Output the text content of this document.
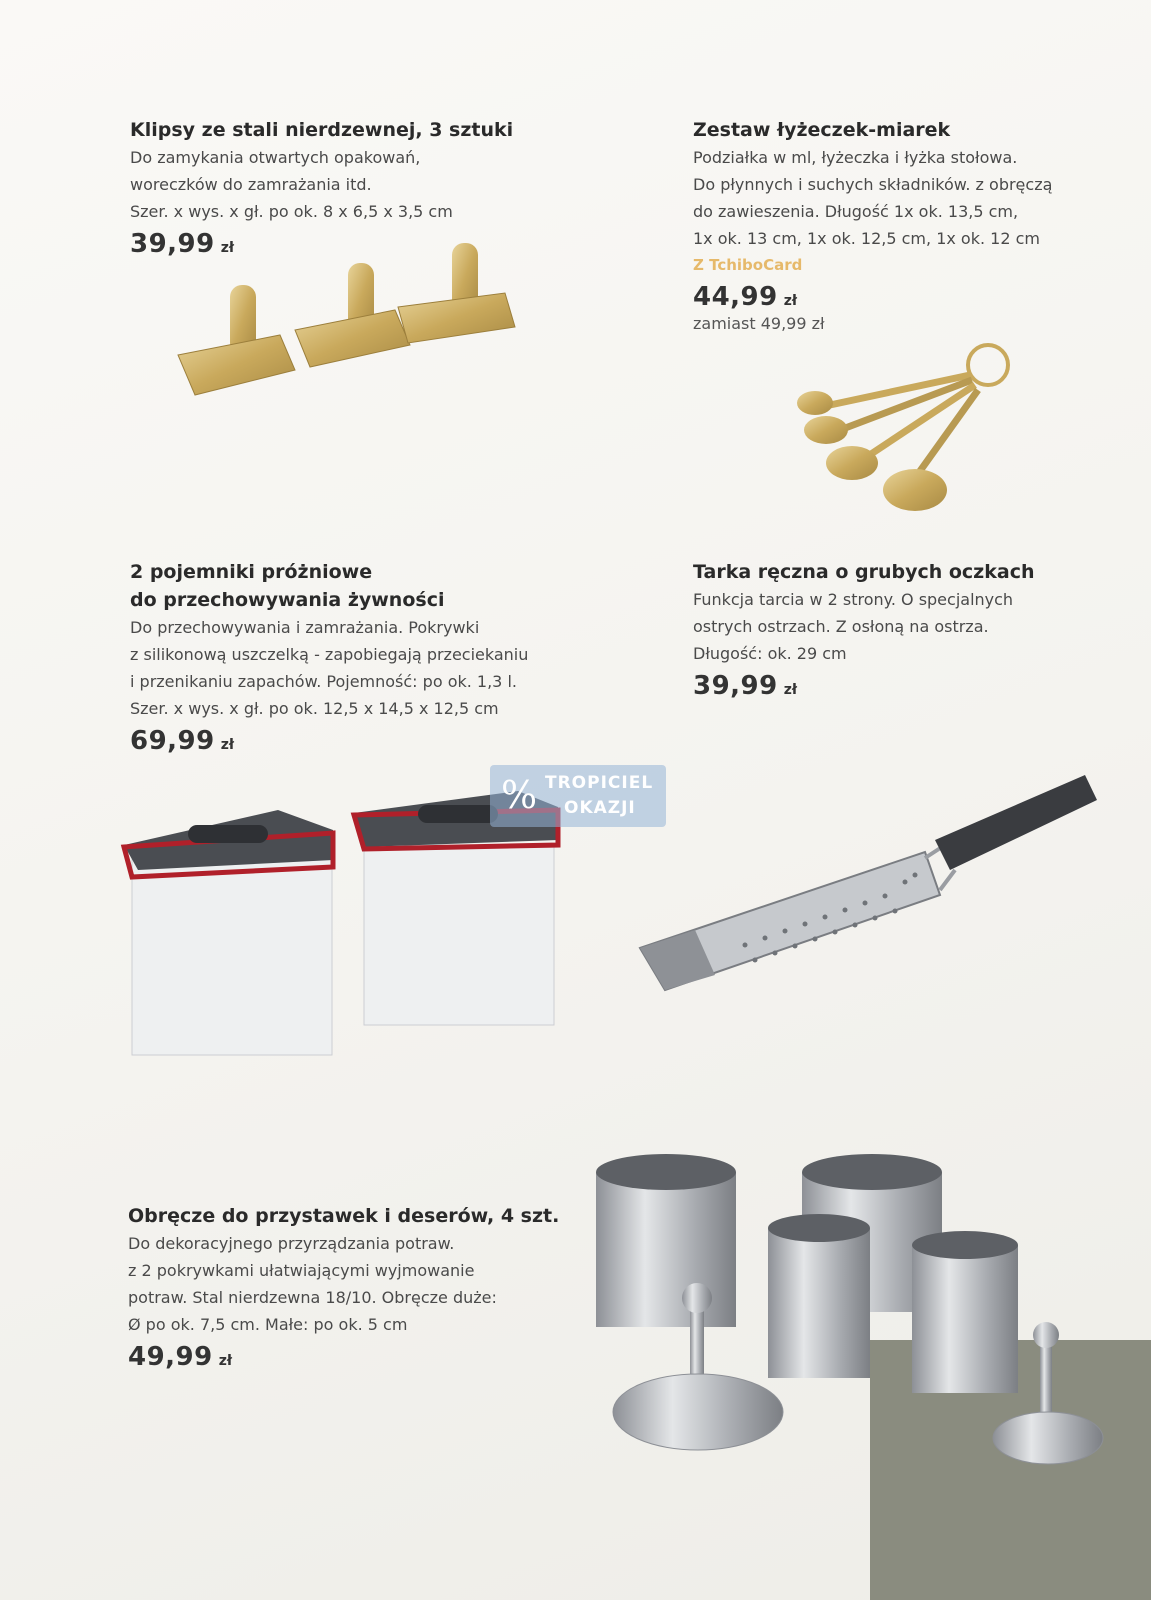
Klipsy ze stali nierdzewnej, 3 sztuki
Do zamykania otwartych opakowań,
woreczków do zamrażania itd.
Szer. x wys. x gł. po ok. 8 x 6,5 x 3,5 cm
39,99 zł
Zestaw łyżeczek-miarek
Podziałka w ml, łyżeczka i łyżka stołowa.
Do płynnych i suchych składników. z obręczą
do zawieszenia. Długość 1x ok. 13,5 cm,
1x ok. 13 cm, 1x ok. 12,5 cm, 1x ok. 12 cm
Z TchiboCard
44,99 zł
zamiast 49,99 zł
2 pojemniki próżniowe
do przechowywania żywności
Do przechowywania i zamrażania. Pokrywki
z silikonową uszczelką - zapobiegają przeciekaniu
i przenikaniu zapachów. Pojemność: po ok. 1,3 l.
Szer. x wys. x gł. po ok. 12,5 x 14,5 x 12,5 cm
69,99 zł
Tarka ręczna o grubych oczkach
Funkcja tarcia w 2 strony. O specjalnych
ostrych ostrzach. Z osłoną na ostrza.
Długość: ok. 29 cm
39,99 zł
% TROPICIEL
OKAZJI
Obręcze do przystawek i deserów, 4 szt.
Do dekoracyjnego przyrządzania potraw.
z 2 pokrywkami ułatwiającymi wyjmowanie
potraw. Stal nierdzewna 18/10. Obręcze duże:
Ø po ok. 7,5 cm. Małe: po ok. 5 cm
49,99 zł
